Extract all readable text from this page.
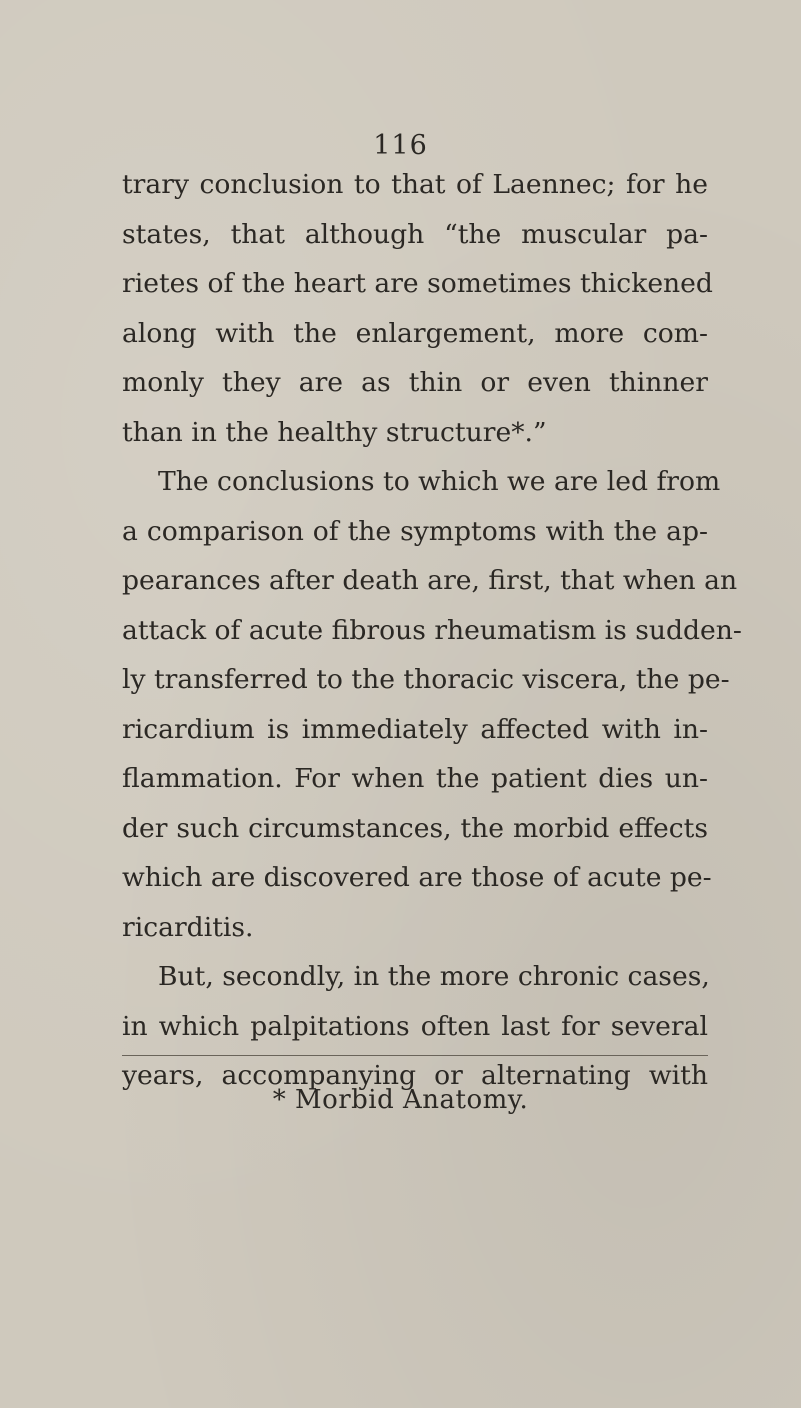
116
trary conclusion to that of Laennec; for he
states, that although “the muscular pa-
rietes of the heart are sometimes thickened
along with the enlargement, more com-
monly they are as thin or even thinner
than in the healthy structure*.”
The conclusions to which we are led from
a comparison of the symptoms with the ap-
pearances after death are, first, that when an
attack of acute fibrous rheumatism is sudden-
ly transferred to the thoracic viscera, the pe-
ricardium is immediately affected with in-
flammation. For when the patient dies un-
der such circumstances, the morbid effects
which are discovered are those of acute pe-
ricarditis.
But, secondly, in the more chronic cases,
in which palpitations often last for several
years, accompanying or alternating with
* Morbid Anatomy.
